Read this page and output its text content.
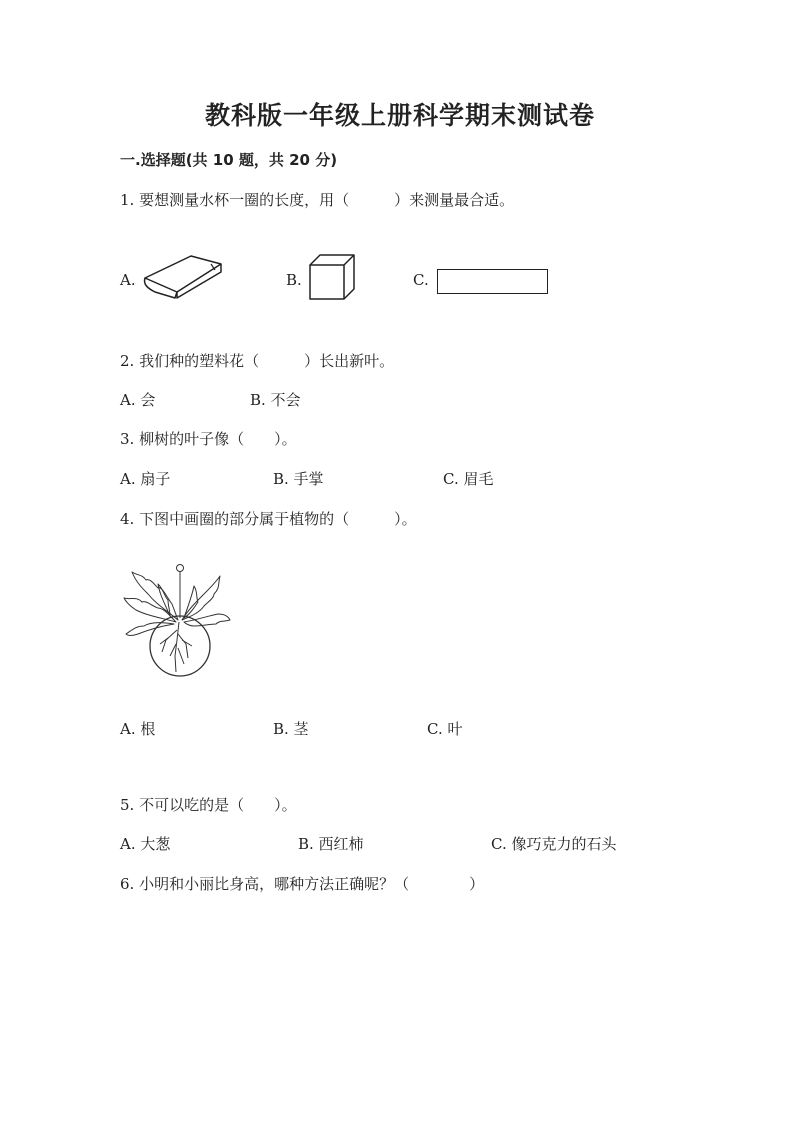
教科版一年级上册科学期末测试卷
一.选择题(共 10 题，共 20 分)
1. 要想测量水杯一圈的长度，用（　　　）来测量最合适。
A.	B.	C.
2. 我们种的塑料花（　　　）长出新叶。
A. 会	B. 不会
3. 柳树的叶子像（　　）。
A. 扇子	B. 手掌	C. 眉毛
4. 下图中画圈的部分属于植物的（　　　）。
A. 根	B. 茎	C. 叶
5. 不可以吃的是（　　）。
A. 大葱	B. 西红柿	C. 像巧克力的石头
6. 小明和小丽比身高，哪种方法正确呢？（　　　　）
